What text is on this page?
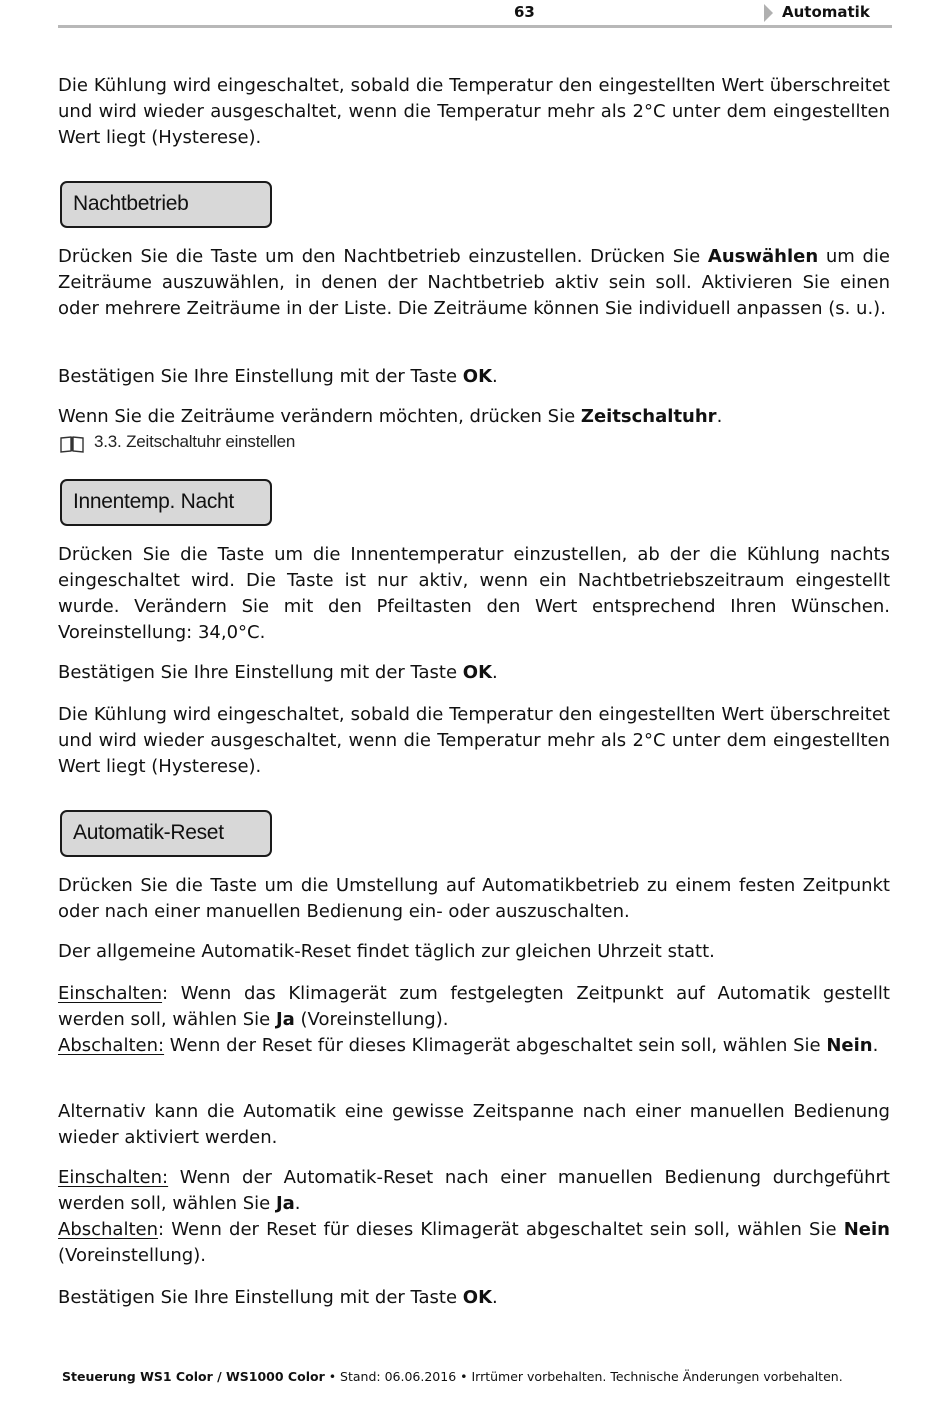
63	Automatik

Die Kühlung wird eingeschaltet, sobald die Temperatur den eingestellten Wert überschreitet und wird wieder ausgeschaltet, wenn die Temperatur mehr als 2°C unter dem eingestellten Wert liegt (Hysterese).

Nachtbetrieb

Drücken Sie die Taste um den Nachtbetrieb einzustellen. Drücken Sie Auswählen um die Zeiträume auszuwählen, in denen der Nachtbetrieb aktiv sein soll. Aktivieren Sie einen oder mehrere Zeiträume in der Liste. Die Zeiträume können Sie individuell anpassen (s. u.).

Bestätigen Sie Ihre Einstellung mit der Taste OK.

Wenn Sie die Zeiträume verändern möchten, drücken Sie Zeitschaltuhr.

3.3. Zeitschaltuhr einstellen
Innentemp. Nacht

Drücken Sie die Taste um die Innentemperatur einzustellen, ab der die Kühlung nachts eingeschaltet wird. Die Taste ist nur aktiv, wenn ein Nachtbetriebszeitraum eingestellt wurde. Verändern Sie mit den Pfeiltasten den Wert entsprechend Ihren Wünschen. Voreinstellung: 34,0°C.

Bestätigen Sie Ihre Einstellung mit der Taste OK.

Die Kühlung wird eingeschaltet, sobald die Temperatur den eingestellten Wert überschreitet und wird wieder ausgeschaltet, wenn die Temperatur mehr als 2°C unter dem eingestellten Wert liegt (Hysterese).

Automatik-Reset

Drücken Sie die Taste um die Umstellung auf Automatikbetrieb zu einem festen Zeitpunkt oder nach einer manuellen Bedienung ein- oder auszuschalten.

Der allgemeine Automatik-Reset findet täglich zur gleichen Uhrzeit statt.

Einschalten: Wenn das Klimagerät zum festgelegten Zeitpunkt auf Automatik gestellt werden soll, wählen Sie Ja (Voreinstellung).
Abschalten: Wenn der Reset für dieses Klimagerät abgeschaltet sein soll, wählen Sie Nein.

Alternativ kann die Automatik eine gewisse Zeitspanne nach einer manuellen Bedienung wieder aktiviert werden.

Einschalten: Wenn der Automatik-Reset nach einer manuellen Bedienung durchgeführt werden soll, wählen Sie Ja.
Abschalten: Wenn der Reset für dieses Klimagerät abgeschaltet sein soll, wählen Sie Nein (Voreinstellung).

Bestätigen Sie Ihre Einstellung mit der Taste OK.

Steuerung WS1 Color / WS1000 Color • Stand: 06.06.2016 • Irrtümer vorbehalten. Technische Änderungen vorbehalten.
